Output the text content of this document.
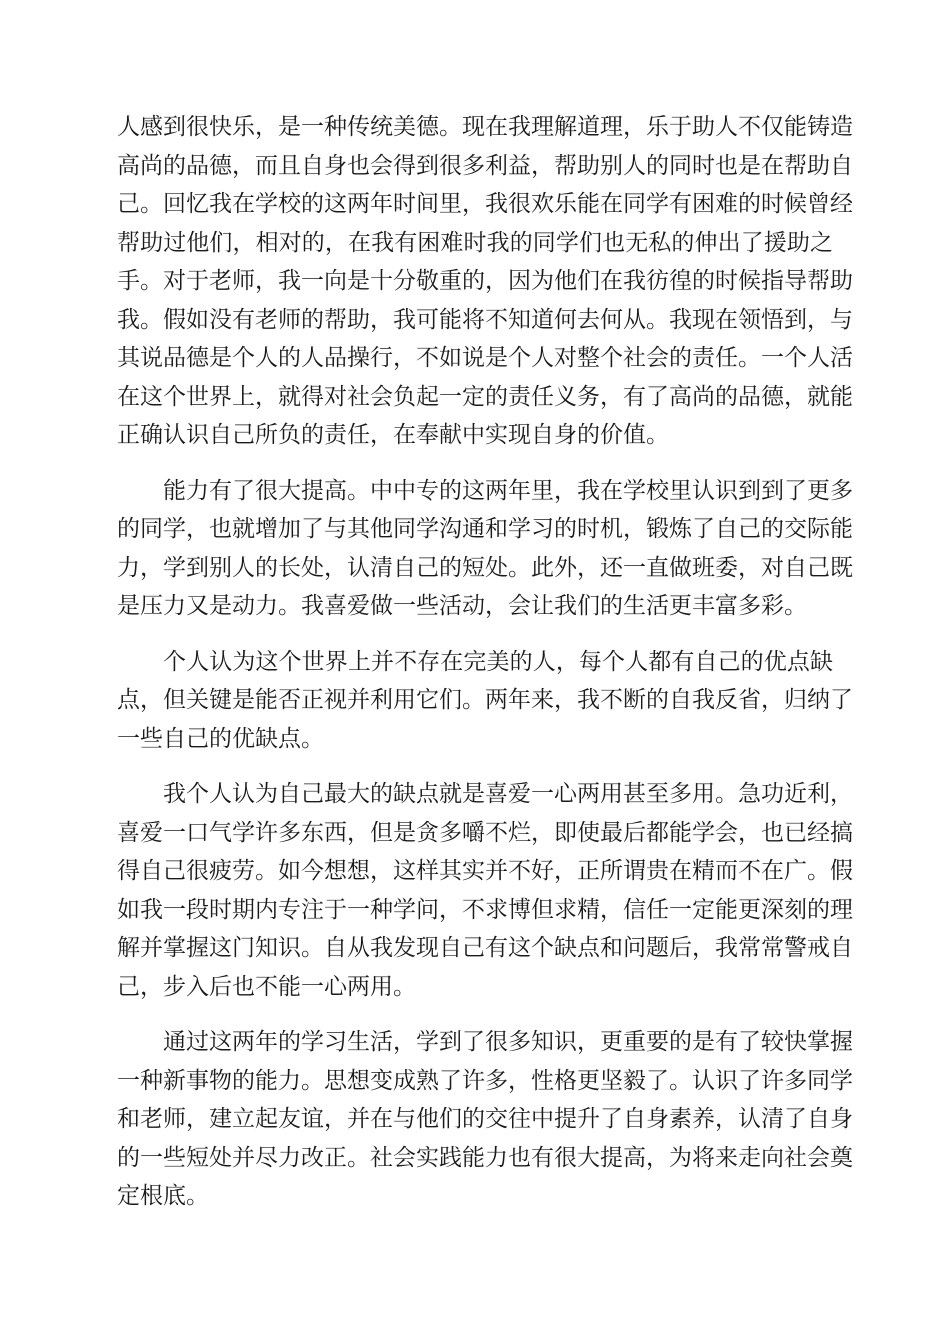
人感到很快乐，是一种传统美德。现在我理解道理，乐于助人不仅能铸造
高尚的品德，而且自身也会得到很多利益，帮助别人的同时也是在帮助自
己。回忆我在学校的这两年时间里，我很欢乐能在同学有困难的时候曾经
帮助过他们，相对的，在我有困难时我的同学们也无私的伸出了援助之
手。对于老师，我一向是十分敬重的，因为他们在我彷徨的时候指导帮助
我。假如没有老师的帮助，我可能将不知道何去何从。我现在领悟到，与
其说品德是个人的人品操行，不如说是个人对整个社会的责任。一个人活
在这个世界上，就得对社会负起一定的责任义务，有了高尚的品德，就能
正确认识自己所负的责任，在奉献中实现自身的价值。

能力有了很大提高。中中专的这两年里，我在学校里认识到到了更多
的同学，也就增加了与其他同学沟通和学习的时机，锻炼了自己的交际能
力，学到别人的长处，认清自己的短处。此外，还一直做班委，对自己既
是压力又是动力。我喜爱做一些活动，会让我们的生活更丰富多彩。

个人认为这个世界上并不存在完美的人，每个人都有自己的优点缺
点，但关键是能否正视并利用它们。两年来，我不断的自我反省，归纳了
一些自己的优缺点。

我个人认为自己最大的缺点就是喜爱一心两用甚至多用。急功近利，
喜爱一口气学许多东西，但是贪多嚼不烂，即使最后都能学会，也已经搞
得自己很疲劳。如今想想，这样其实并不好，正所谓贵在精而不在广。假
如我一段时期内专注于一种学问，不求博但求精，信任一定能更深刻的理
解并掌握这门知识。自从我发现自己有这个缺点和问题后，我常常警戒自
己，步入后也不能一心两用。

通过这两年的学习生活，学到了很多知识，更重要的是有了较快掌握
一种新事物的能力。思想变成熟了许多，性格更坚毅了。认识了许多同学
和老师，建立起友谊，并在与他们的交往中提升了自身素养，认清了自身
的一些短处并尽力改正。社会实践能力也有很大提高，为将来走向社会奠
定根底。
